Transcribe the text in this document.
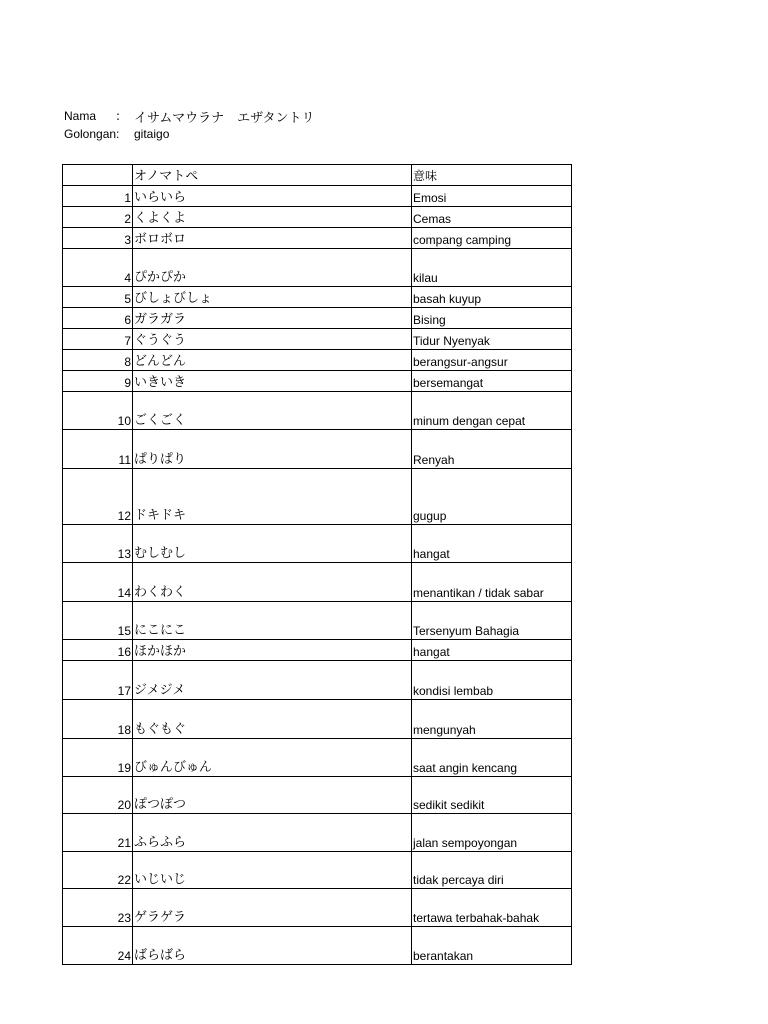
Nama	: イサムマウラナ　エザタントリ
Golongan:	gitaigo
	オノマトペ	意味
1	いらいら	Emosi
2	くよくよ	Cemas
3	ボロボロ	compang camping
4	ぴかぴか	kilau
5	びしょびしょ	basah kuyup
6	ガラガラ	Bising
7	ぐうぐう	Tidur Nyenyak
8	どんどん	berangsur-angsur
9	いきいき	bersemangat
10	ごくごく	minum dengan cepat
11	ぱりぱり	Renyah
12	ドキドキ	gugup
13	むしむし	hangat
14	わくわく	menantikan / tidak sabar
15	にこにこ	Tersenyum Bahagia
16	ほかほか	hangat
17	ジメジメ	kondisi lembab
18	もぐもぐ	mengunyah
19	びゅんびゅん	saat angin kencang
20	ぽつぽつ	sedikit sedikit
21	ふらふら	jalan sempoyongan
22	いじいじ	tidak percaya diri
23	ゲラゲラ	tertawa terbahak-bahak
24	ばらばら	berantakan
